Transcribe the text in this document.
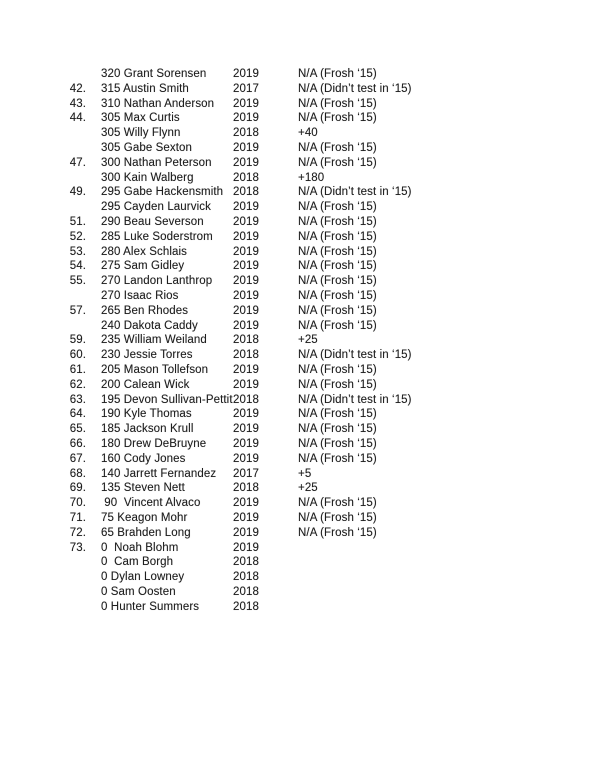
320 Grant Sorensen 2019	N/A (Frosh ‘15)
42. 315 Austin Smith	2017	N/A (Didn’t test in ‘15)
43. 310 Nathan Anderson 2019	N/A (Frosh ‘15)
44. 305 Max Curtis	2019	N/A (Frosh ‘15)
305 Willy Flynn	2018	+40
305 Gabe Sexton	2019	N/A (Frosh ‘15)
47. 300 Nathan Peterson 2019	N/A (Frosh ‘15)
300 Kain Walberg	2018	+180
49. 295 Gabe Hackensmith 2018	N/A (Didn’t test in ‘15)
295 Cayden Laurvick 2019	N/A (Frosh ‘15)
51. 290 Beau Severson	2019	N/A (Frosh ‘15)
52. 285 Luke Soderstrom 2019	N/A (Frosh ‘15)
53. 280 Alex Schlais	2019	N/A (Frosh ‘15)
54. 275 Sam Gidley	2019	N/A (Frosh ‘15)
55. 270 Landon Lanthrop 2019	N/A (Frosh ‘15)
270 Isaac Rios	2019	N/A (Frosh ‘15)
57. 265 Ben Rhodes	2019	N/A (Frosh ‘15)
240 Dakota Caddy	2019	N/A (Frosh ‘15)
59. 235 William Weiland 2018	+25
60. 230 Jessie Torres	2018	N/A (Didn’t test in ‘15)
61. 205 Mason Tollefson 2019	N/A (Frosh ‘15)
62. 200 Calean Wick	2019	N/A (Frosh ‘15)
63. 195 Devon Sullivan-Pettit 2018	N/A (Didn’t test in ‘15)
64. 190 Kyle Thomas	2019	N/A (Frosh ‘15)
65. 185 Jackson Krull	2019	N/A (Frosh ‘15)
66. 180 Drew DeBruyne 2019	N/A (Frosh ‘15)
67. 160 Cody Jones	2019	N/A (Frosh ‘15)
68. 140 Jarrett Fernandez 2017	+5
69. 135 Steven Nett	2018	+25
70. 90  Vincent Alvaco	2019	N/A (Frosh ‘15)
71. 75 Keagon Mohr	2019	N/A (Frosh ‘15)
72. 65 Brahden Long	2019	N/A (Frosh ‘15)
73. 0  Noah Blohm	2019
0  Cam Borgh	2018
0 Dylan Lowney	2018
0 Sam Oosten	2018
0 Hunter Summers	2018
